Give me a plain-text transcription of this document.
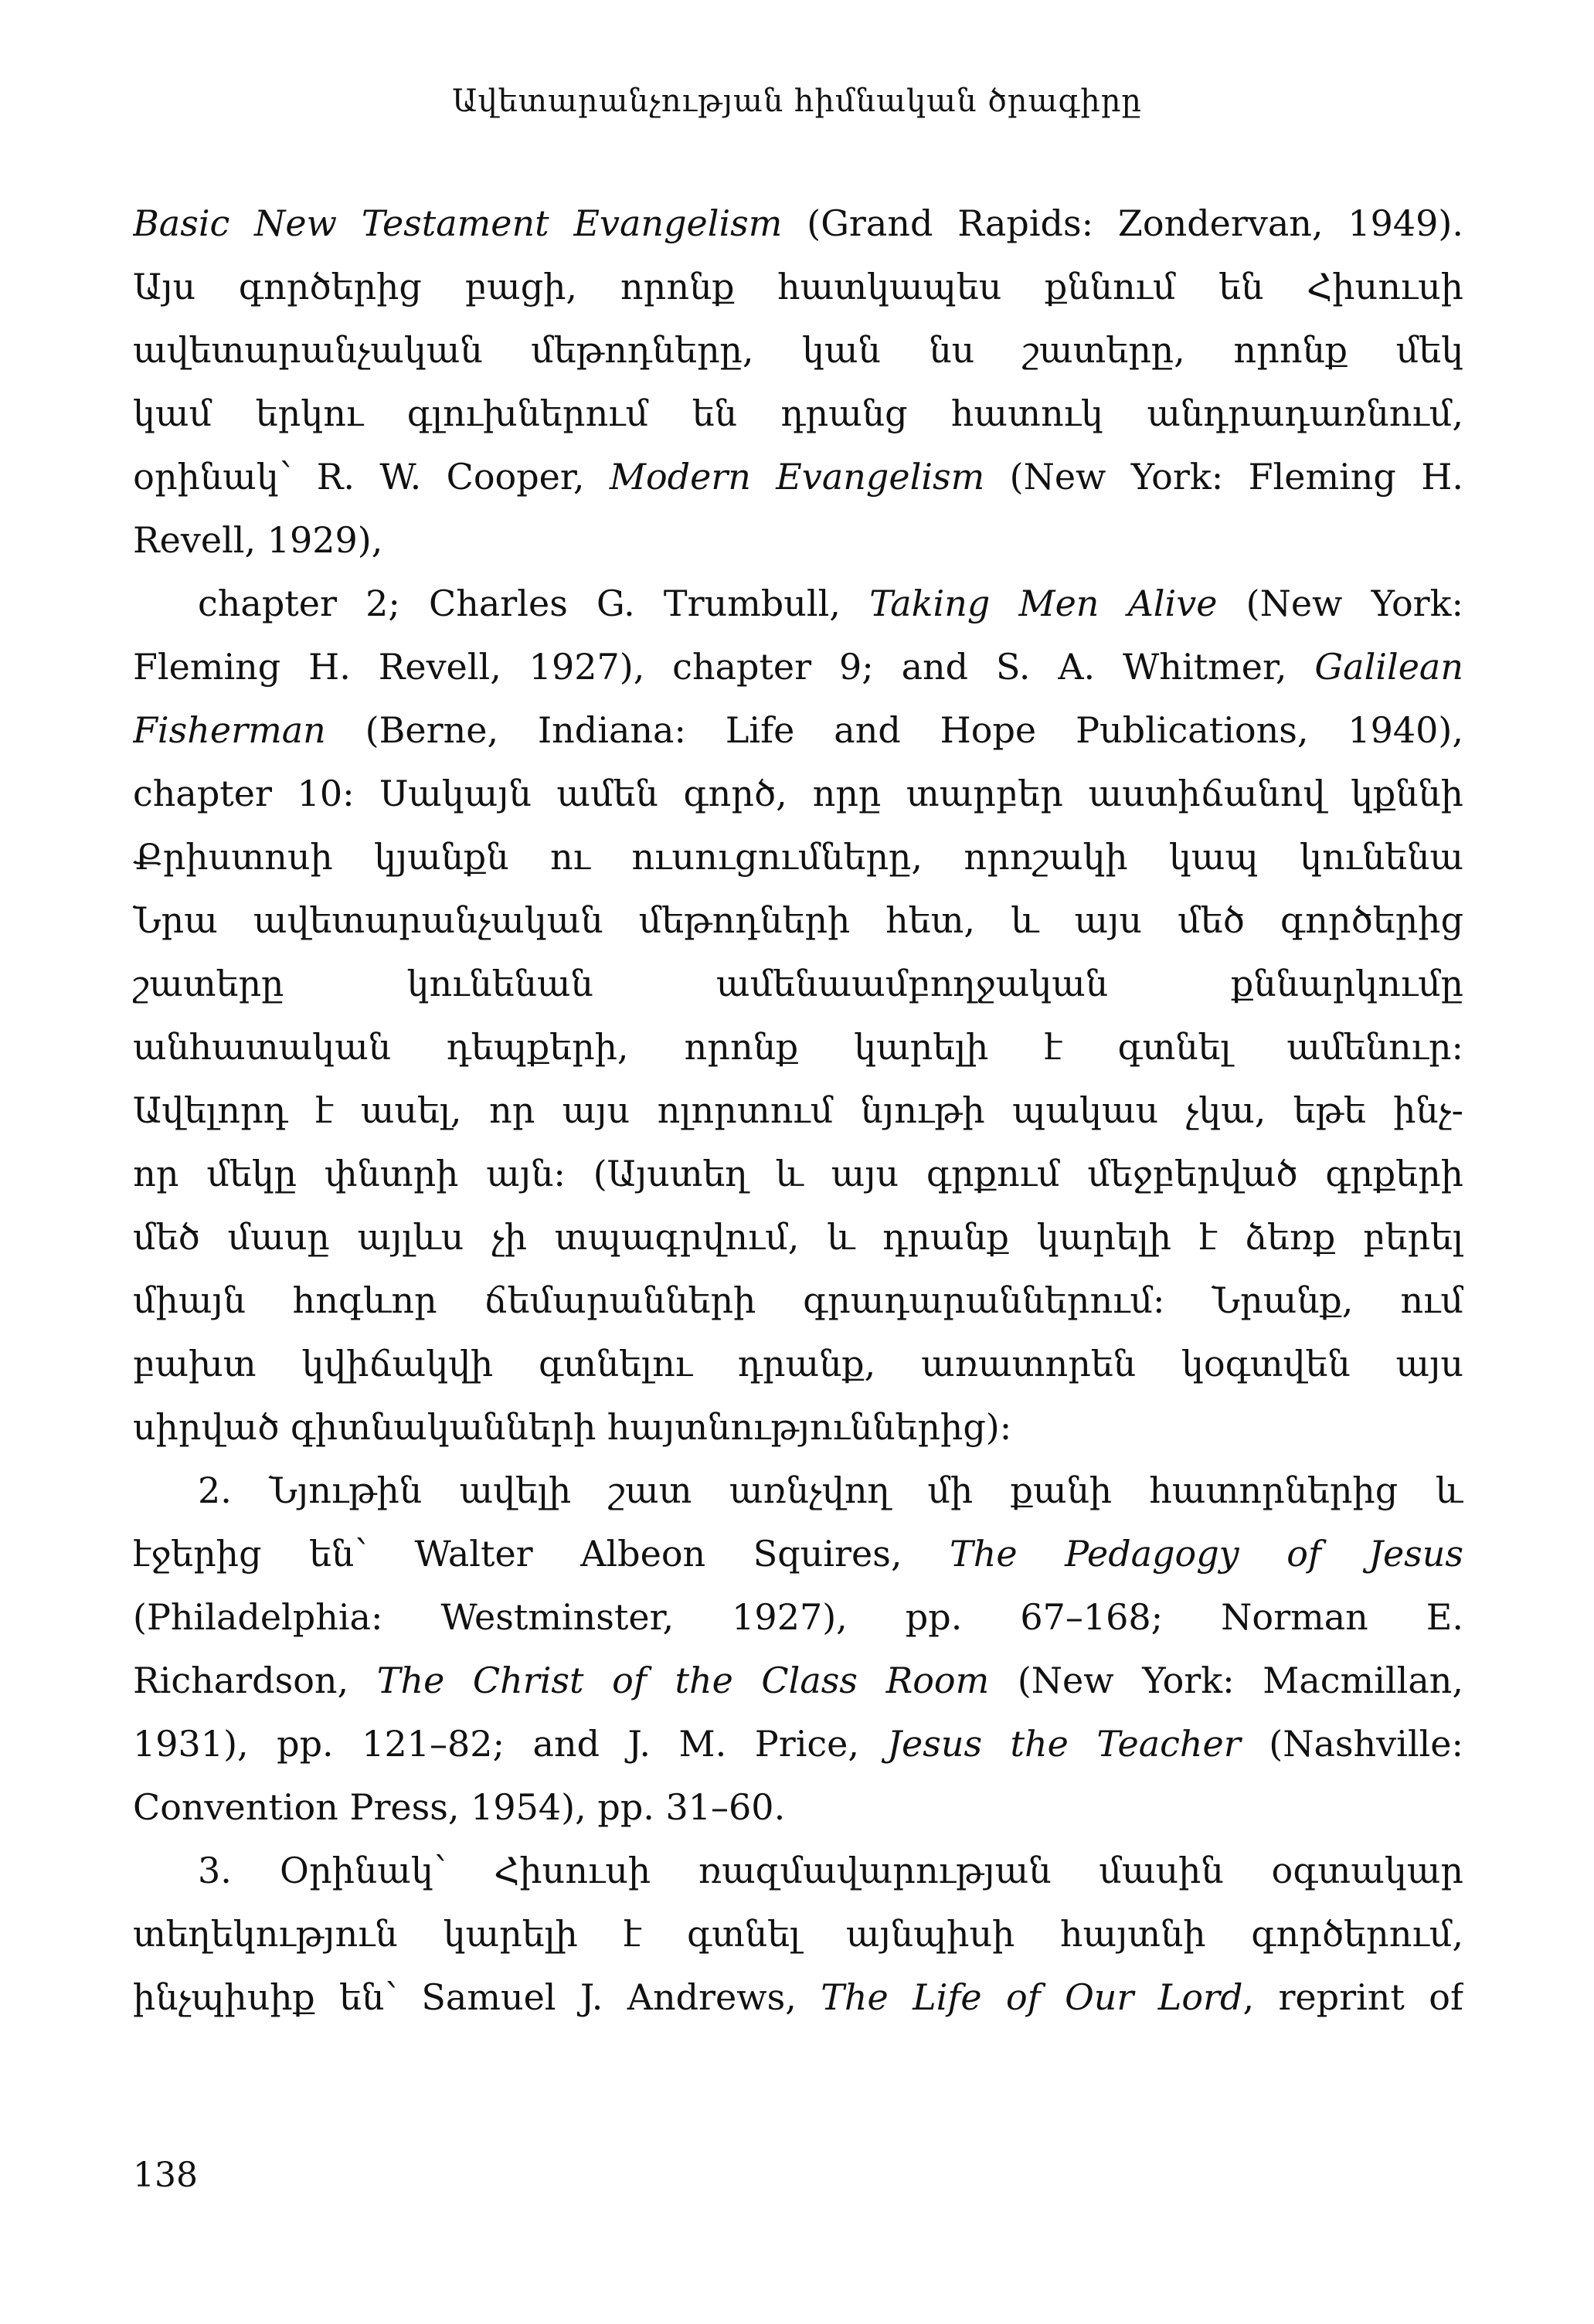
Ավետարանչության հիմնական ծրագիրը
Basic New Testament Evangelism (Grand Rapids: Zondervan, 1949).
Այս գործերից բացի, որոնք հատկապես քննում են Հիսուսի
ավետարանչական մեթոդները, կան նս շատերը, որոնք մեկ
կամ երկու գլուխներում են դրանց հատուկ անդրադառնում,
օրինակ՝ R. W. Cooper, Modern Evangelism (New York: Fleming H.
Revell, 1929),
chapter 2; Charles G. Trumbull, Taking Men Alive (New York:
Fleming H. Revell, 1927), chapter 9; and S. A. Whitmer, Galilean
Fisherman (Berne, Indiana: Life and Hope Publications, 1940),
chapter 10: Սակայն ամեն գործ, որը տարբեր աստիճանով կքննի
Քրիստոսի կյանքն ու ուսուցումները, որոշակի կապ կունենա
Նրա ավետարանչական մեթոդների հետ, և այս մեծ գործերից
շատերը կունենան ամենաամբողջական քննարկումը
անհատական դեպքերի, որոնք կարելի է գտնել ամենուր:
Ավելորդ է ասել, որ այս ոլորտում նյութի պակաս չկա, եթե ինչ-
որ մեկը փնտրի այն: (Այստեղ և այս գրքում մեջբերված գրքերի
մեծ մասը այլևս չի տպագրվում, և դրանք կարելի է ձեռք բերել
միայն հոգևոր ճեմարանների գրադարաններում: Նրանք, ում
բախտ կվիճակվի գտնելու դրանք, առատորեն կօգտվեն այս
սիրված գիտնականների հայտնություններից):
2. Նյութին ավելի շատ առնչվող մի քանի հատորներից և
էջերից են՝ Walter Albeon Squires, The Pedagogy of Jesus
(Philadelphia: Westminster, 1927), pp. 67–168; Norman E.
Richardson, The Christ of the Class Room (New York: Macmillan,
1931), pp. 121–82; and J. M. Price, Jesus the Teacher (Nashville:
Convention Press, 1954), pp. 31–60.
3. Օրինակ՝ Հիսուսի ռազմավարության մասին օգտակար
տեղեկություն կարելի է գտնել այնպիսի հայտնի գործերում,
ինչպիսիք են՝ Samuel J. Andrews, The Life of Our Lord, reprint of
138
